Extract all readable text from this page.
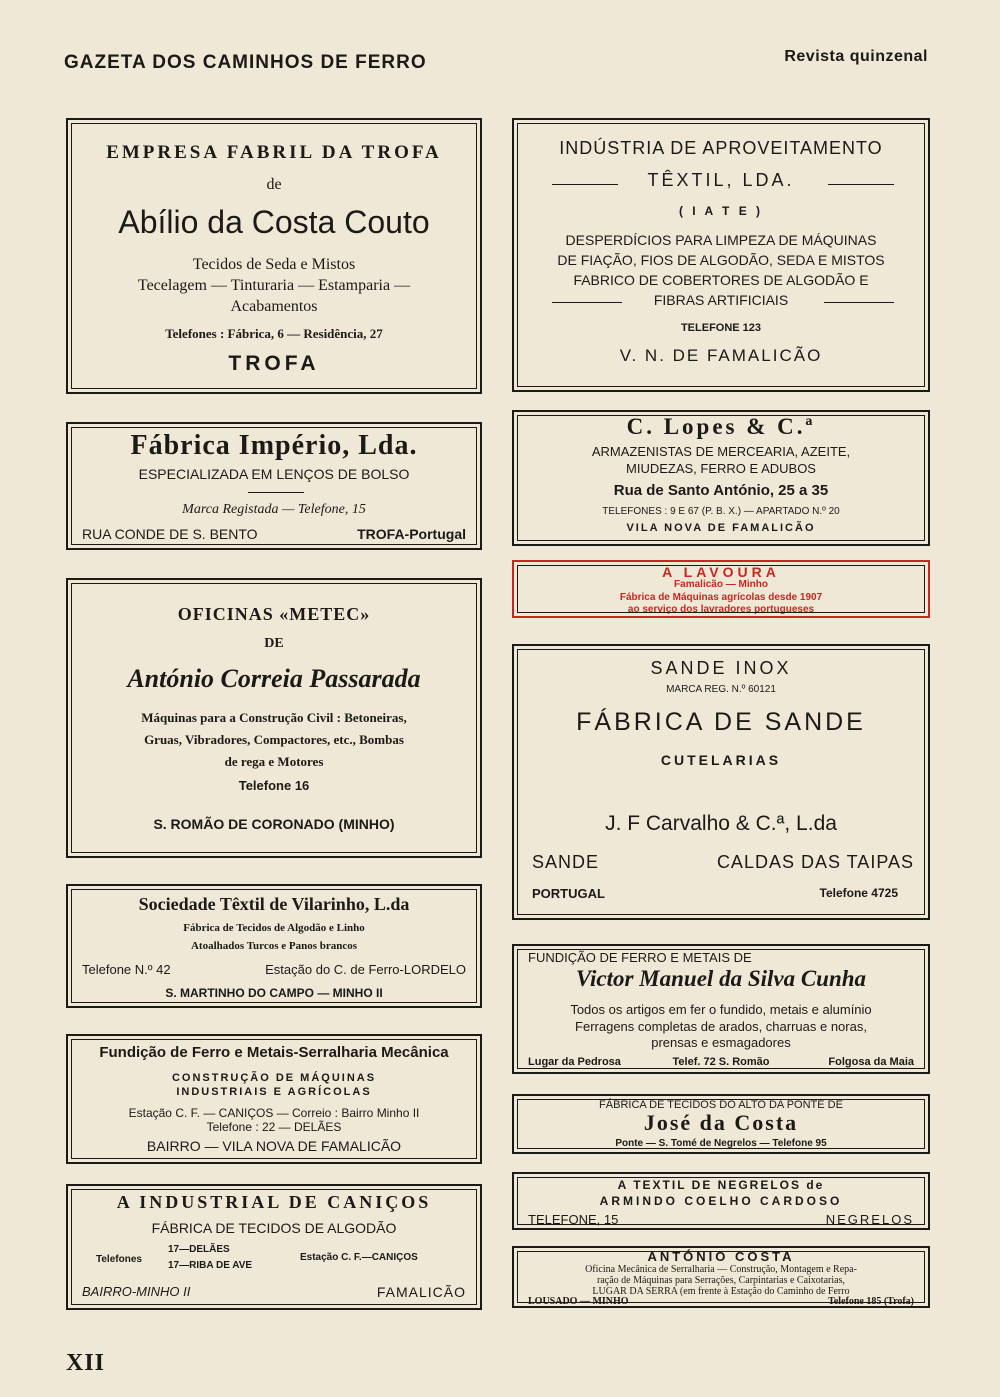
GAZETA DOS CAMINHOS DE FERRO	Revista quinzenal
EMPRESA FABRIL DA TROFA
de
Abílio da Costa Couto
Tecidos de Seda e Mistos
Tecelagem — Tinturaria — Estamparia —
Acabamentos
Telefones : Fábrica, 6 — Residência, 27
TROFA
Fábrica Império, Lda.
ESPECIALIZADA EM LENÇOS DE BOLSO
Marca Registada — Telefone, 15
RUA CONDE DE S. BENTO	TROFA-Portugal
OFICINAS «METEC»
DE
António Correia Passarada
Máquinas para a Construção Civil : Betoneiras,
Gruas, Vibradores, Compactores, etc., Bombas
de rega e Motores
Telefone 16
S. ROMÃO DE CORONADO (MINHO)
Sociedade Têxtil de Vilarinho, L.da
Fábrica de Tecidos de Algodão e Linho
Atoalhados Turcos e Panos brancos
Telefone N.º 42	Estação do C. de Ferro-LORDELO
S. MARTINHO DO CAMPO — MINHO II
Fundição de Ferro e Metais-Serralharia Mecânica
CONSTRUÇÃO DE MÁQUINAS
INDUSTRIAIS E AGRÍCOLAS
Estação C. F. — CANIÇOS — Correio : Bairro Minho II
Telefone : 22 — DELÃES
BAIRRO — VILA NOVA DE FAMALICÃO
A INDUSTRIAL DE CANIÇOS
FÁBRICA DE TECIDOS DE ALGODÃO
Telefones
17—DELÃES
17—RIBA DE AVE
Estação C. F.—CANIÇOS
BAIRRO-MINHO II	FAMALICÃO
INDÚSTRIA DE APROVEITAMENTO
TÊXTIL, LDA.
( I A T E )
DESPERDÍCIOS PARA LIMPEZA DE MÁQUINAS
DE FIAÇÃO, FIOS DE ALGODÃO, SEDA E MISTOS
FABRICO DE COBERTORES DE ALGODÃO E
FIBRAS ARTIFICIAIS
TELEFONE 123
V. N. DE FAMALICÃO
C. Lopes & C.ª
ARMAZENISTAS DE MERCEARIA, AZEITE,
MIUDEZAS, FERRO E ADUBOS
Rua de Santo António, 25 a 35
TELEFONES : 9 E 67 (P. B. X.) — APARTADO N.º 20
VILA NOVA DE FAMALICÃO
A LAVOURA
Famalicão — Minho
Fábrica de Máquinas agrícolas desde 1907
ao serviço dos lavradores portugueses
SANDE INOX
MARCA REG. N.º 60121
FÁBRICA DE SANDE
CUTELARIAS
J. F Carvalho & C.ª, L.da
SANDE	CALDAS DAS TAIPAS
PORTUGAL	Telefone 4725
FUNDIÇÃO DE FERRO E METAIS DE
Victor Manuel da Silva Cunha
Todos os artigos em fer o fundido, metais e alumínio
Ferragens completas de arados, charruas e noras,
prensas e esmagadores
Lugar da Pedrosa	Telef. 72 S. Romão	Folgosa da Maia
FÁBRICA DE TECIDOS DO ALTO DA PONTE DE
José da Costa
Ponte — S. Tomé de Negrelos — Telefone 95
A TEXTIL DE NEGRELOS de
ARMINDO COELHO CARDOSO
TELEFONE, 15	NEGRELOS
ANTÓNIO COSTA
Oficina Mecânica de Serralharia — Construção, Montagem e Repa-
ração de Máquinas para Serrações, Carpintarias e Caixotarias,
LUGAR DA SERRA (em frente à Estação do Caminho de Ferro
LOUSADO — MINHO	Telefone 185 (Trofa)
XII
